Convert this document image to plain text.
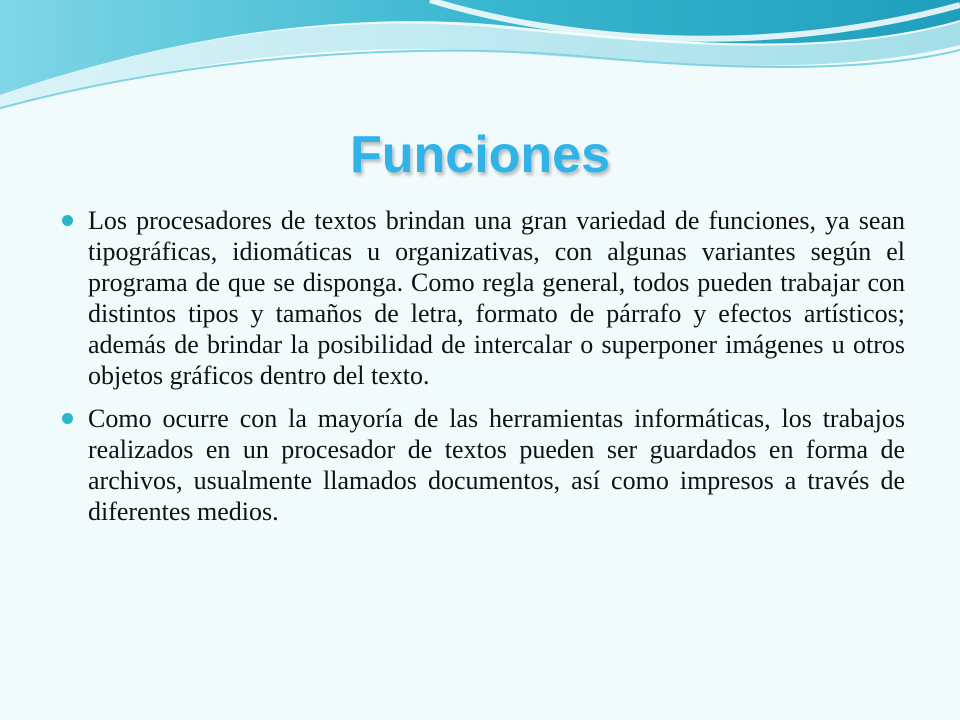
Funciones
Los procesadores de textos brindan una gran variedad de funciones, ya sean tipográficas, idiomáticas u organizativas, con algunas variantes según el programa de que se disponga. Como regla general, todos pueden trabajar con distintos tipos y tamaños de letra, formato de párrafo y efectos artísticos; además de brindar la posibilidad de intercalar o superponer imágenes u otros objetos gráficos dentro del texto.
Como ocurre con la mayoría de las herramientas informáticas, los trabajos realizados en un procesador de textos pueden ser guardados en forma de archivos, usualmente llamados documentos, así como impresos a través de diferentes medios.
